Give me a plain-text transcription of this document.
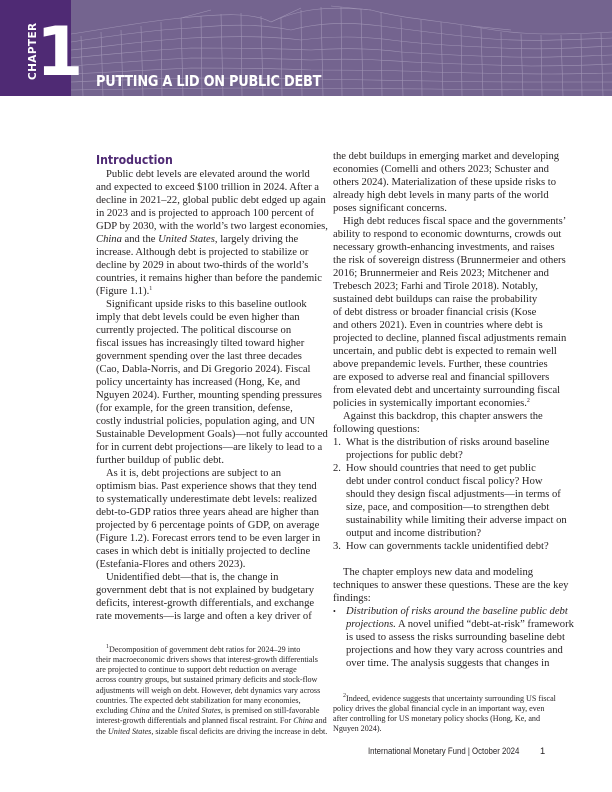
CHAPTER
1 PUTTING A LID ON PUBLIC DEBT
Introduction
Public debt levels are elevated around the world
and expected to exceed $100 trillion in 2024. After a
decline in 2021–22, global public debt edged up again
in 2023 and is projected to approach 100 percent of
GDP by 2030, with the world’s two largest economies,
China and the United States, largely driving the
increase. Although debt is projected to stabilize or
decline by 2029 in about two-thirds of the world’s
countries, it remains higher than before the pandemic
(Figure 1.1).$^1$
Significant upside risks to this baseline outlook
imply that debt levels could be even higher than
currently projected. The political discourse on
fiscal issues has increasingly tilted toward higher
government spending over the last three decades
(Cao, Dabla-Norris, and Di Gregorio 2024). Fiscal
policy uncertainty has increased (Hong, Ke, and
Nguyen 2024). Further, mounting spending pressures
(for example, for the green transition, defense,
costly industrial policies, population aging, and UN
Sustainable Development Goals)—not fully accounted
for in current debt projections—are likely to lead to a
further buildup of public debt.
As it is, debt projections are subject to an
optimism bias. Past experience shows that they tend
to systematically underestimate debt levels: realized
debt-to-GDP ratios three years ahead are higher than
projected by 6 percentage points of GDP, on average
(Figure 1.2). Forecast errors tend to be even larger in
cases in which debt is initially projected to decline
(Estefania-Flores and others 2023).
Unidentified debt—that is, the change in
government debt that is not explained by budgetary
deficits, interest-growth differentials, and exchange
rate movements—is large and often a key driver of
$^1$Decomposition of government debt ratios for 2024–29 into
their macroeconomic drivers shows that interest-growth differentials
are projected to continue to support debt reduction on average
across country groups, but sustained primary deficits and stock-flow
adjustments will weigh on debt. However, debt dynamics vary across
countries. The expected debt stabilization for many economies,
excluding China and the United States, is premised on still-favorable
interest-growth differentials and planned fiscal restraint. For China and
the United States, sizable fiscal deficits are driving the increase in debt.
the debt buildups in emerging market and developing
economies (Comelli and others 2023; Schuster and
others 2024). Materialization of these upside risks to
already high debt levels in many parts of the world
poses significant concerns.
High debt reduces fiscal space and the governments’
ability to respond to economic downturns, crowds out
necessary growth-enhancing investments, and raises
the risk of sovereign distress (Brunnermeier and others
2016; Brunnermeier and Reis 2023; Mitchener and
Trebesch 2023; Farhi and Tirole 2018). Notably,
sustained debt buildups can raise the probability
of debt distress or broader financial crisis (Kose
and others 2021). Even in countries where debt is
projected to decline, planned fiscal adjustments remain
uncertain, and public debt is expected to remain well
above prepandemic levels. Further, these countries
are exposed to adverse real and financial spillovers
from elevated debt and uncertainty surrounding fiscal
policies in systemically important economies.$^2$
Against this backdrop, this chapter answers the
following questions:
1. What is the distribution of risks around baseline
projections for public debt?
2. How should countries that need to get public
debt under control conduct fiscal policy? How
should they design fiscal adjustments—in terms of
size, pace, and composition—to strengthen debt
sustainability while limiting their adverse impact on
output and income distribution?
3. How can governments tackle unidentified debt?
The chapter employs new data and modeling
techniques to answer these questions. These are the key
findings:
• Distribution of risks around the baseline public debt
projections. A novel unified “debt-at-risk” framework
is used to assess the risks surrounding baseline debt
projections and how they vary across countries and
over time. The analysis suggests that changes in
$^2$Indeed, evidence suggests that uncertainty surrounding US fiscal
policy drives the global financial cycle in an important way, even
after controlling for US monetary policy shocks (Hong, Ke, and
Nguyen 2024).
International Monetary Fund | October 2024 1
